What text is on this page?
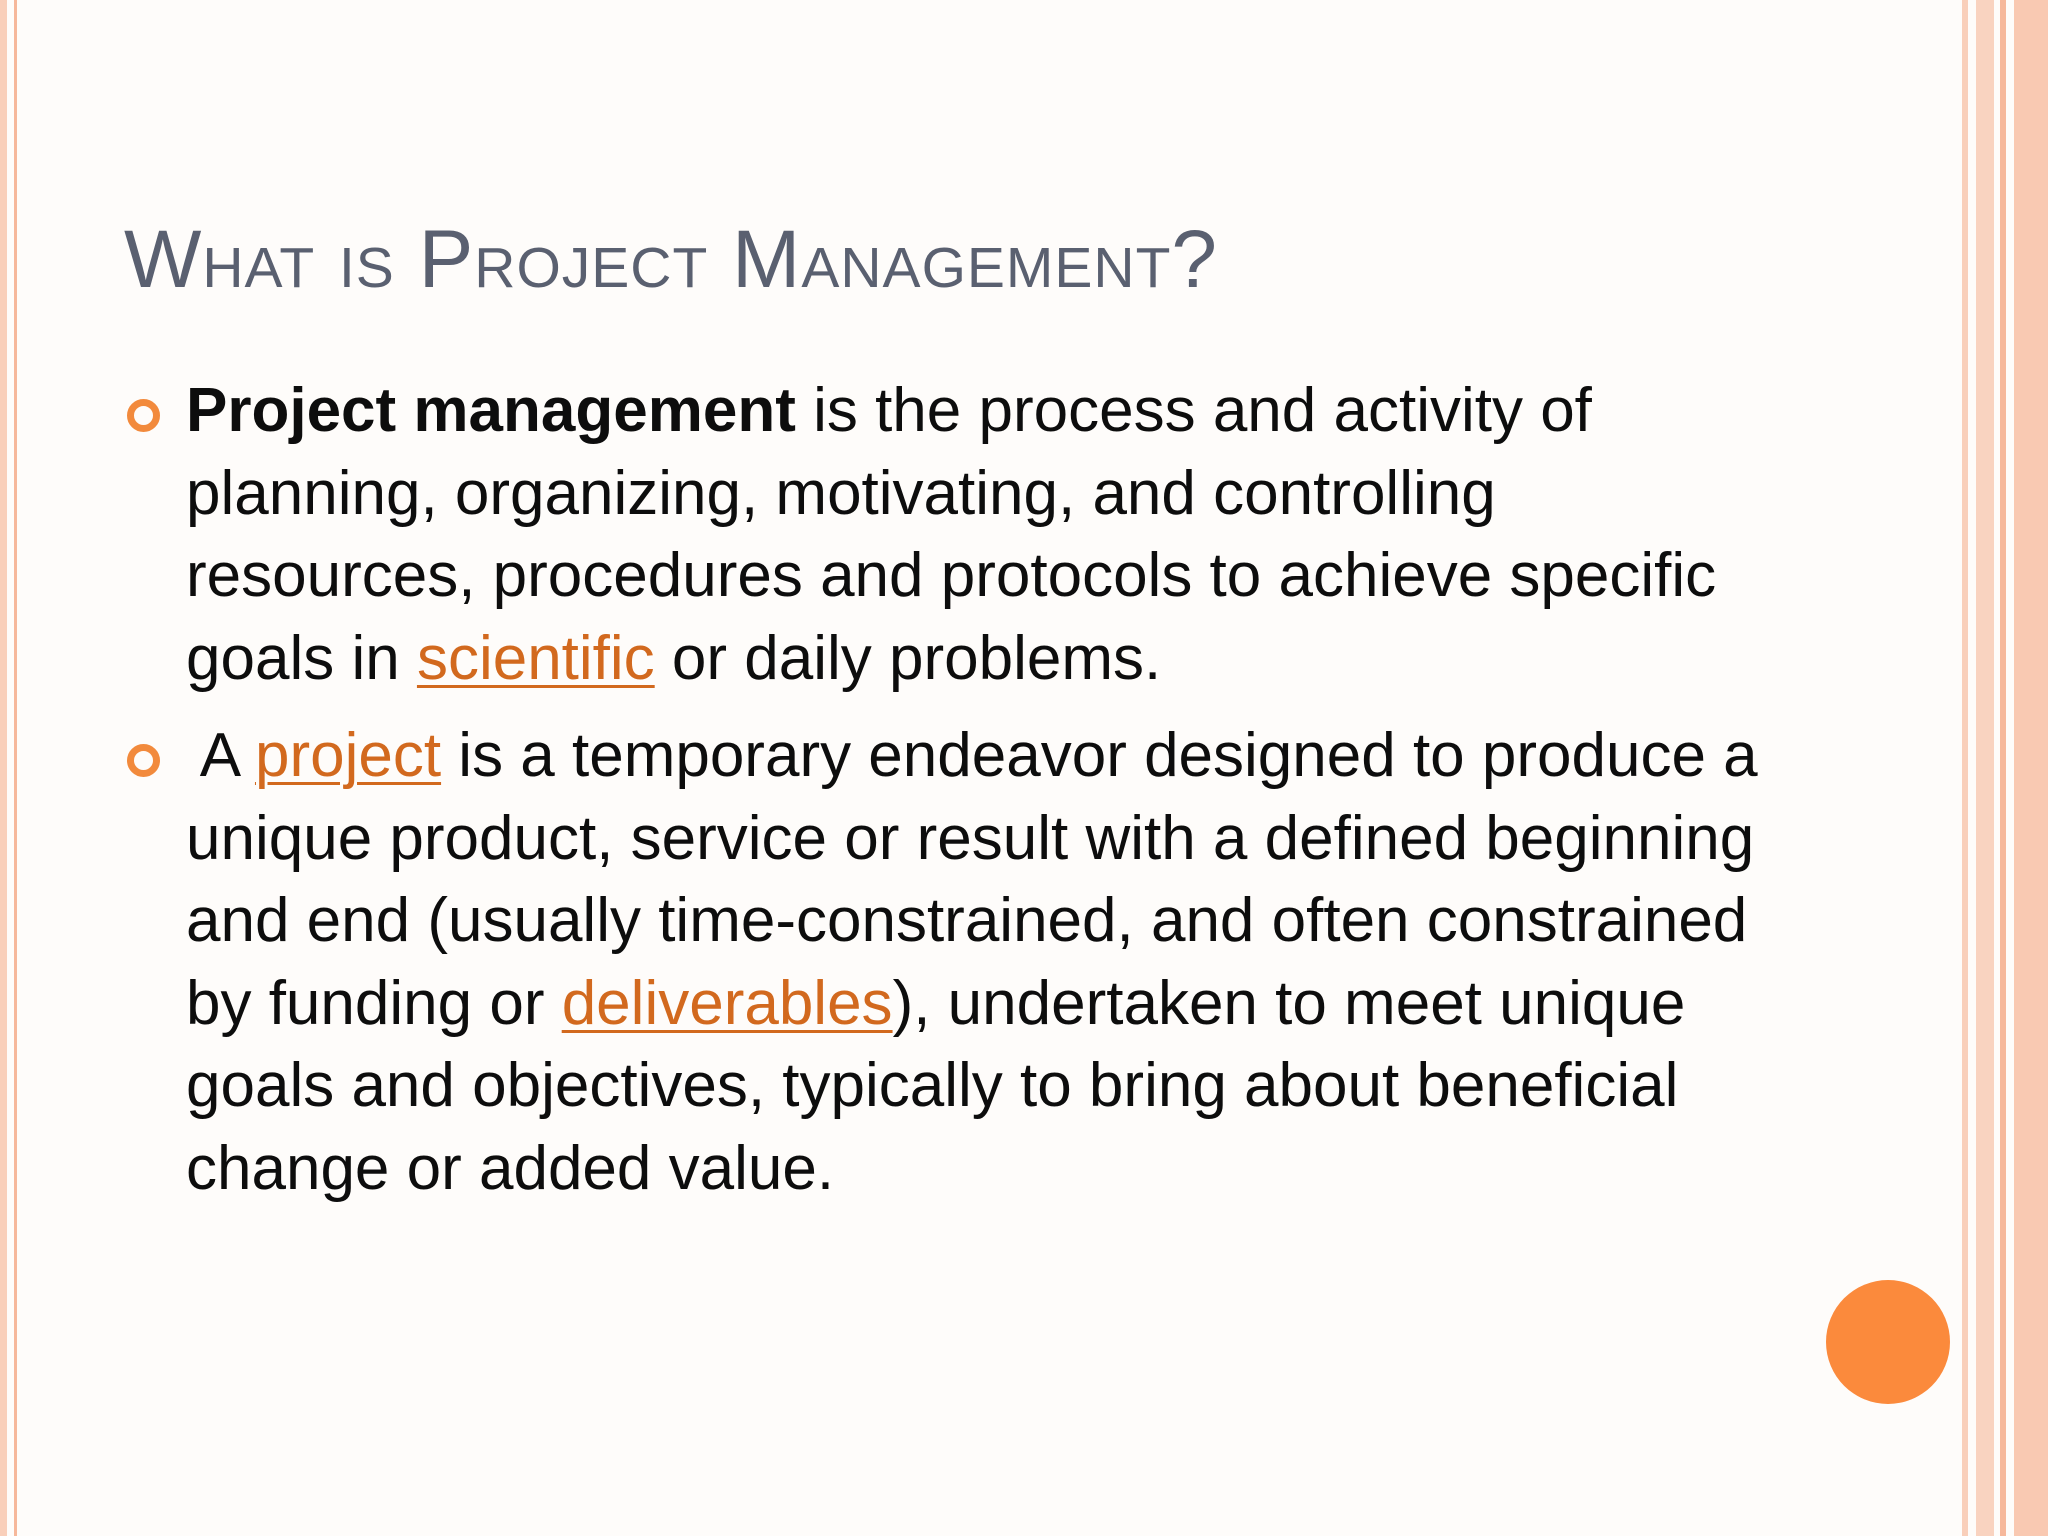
What is Project Management?

Project management is the process and activity of planning, organizing, motivating, and controlling resources, procedures and protocols to achieve specific goals in scientific or daily problems.

A project is a temporary endeavor designed to produce a unique product, service or result with a defined beginning and end (usually time-constrained, and often constrained by funding or deliverables), undertaken to meet unique goals and objectives, typically to bring about beneficial change or added value.
